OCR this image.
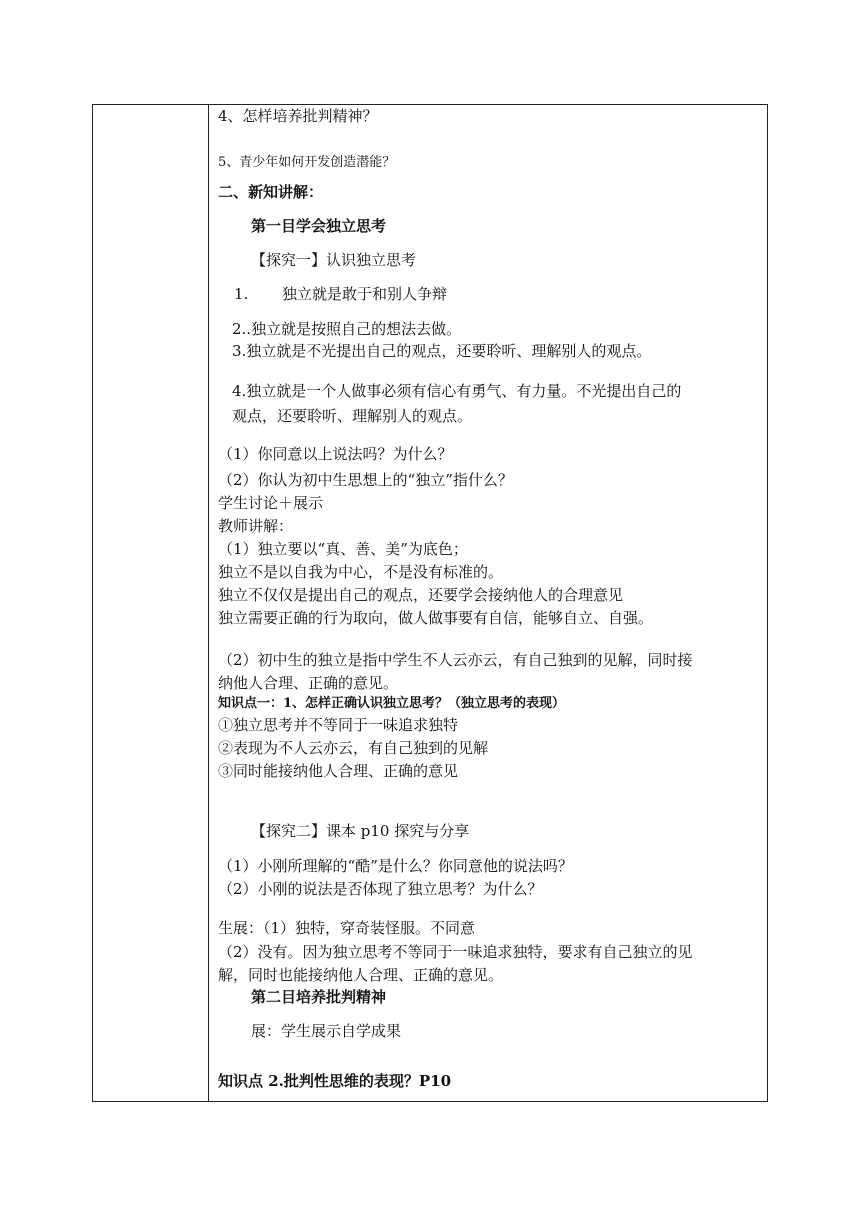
4、怎样培养批判精神？
5、青少年如何开发创造潜能？
二、新知讲解：
第一目学会独立思考
【探究一】认识独立思考
1. 独立就是敢于和别人争辩
2..独立就是按照自己的想法去做。
3.独立就是不光提出自己的观点，还要聆听、理解别人的观点。
4.独立就是一个人做事必须有信心有勇气、有力量。不光提出自己的
观点，还要聆听、理解别人的观点。
（1）你同意以上说法吗？为什么？
（2）你认为初中生思想上的“独立”指什么？
学生讨论＋展示
教师讲解：
（1）独立要以“真、善、美”为底色；
独立不是以自我为中心，不是没有标准的。
独立不仅仅是提出自己的观点，还要学会接纳他人的合理意见
独立需要正确的行为取向，做人做事要有自信，能够自立、自强。
（2）初中生的独立是指中学生不人云亦云，有自己独到的见解，同时接
纳他人合理、正确的意见。
知识点一：1、怎样正确认识独立思考？（独立思考的表现）
①独立思考并不等同于一味追求独特
②表现为不人云亦云，有自己独到的见解
③同时能接纳他人合理、正确的意见
【探究二】课本 p10 探究与分享
（1）小刚所理解的“酷”是什么？你同意他的说法吗？
（2）小刚的说法是否体现了独立思考？为什么？
生展：（1）独特，穿奇装怪服。不同意
（2）没有。因为独立思考不等同于一味追求独特，要求有自己独立的见
解，同时也能接纳他人合理、正确的意见。
第二目培养批判精神
展：学生展示自学成果
知识点 2.批判性思维的表现？P10
